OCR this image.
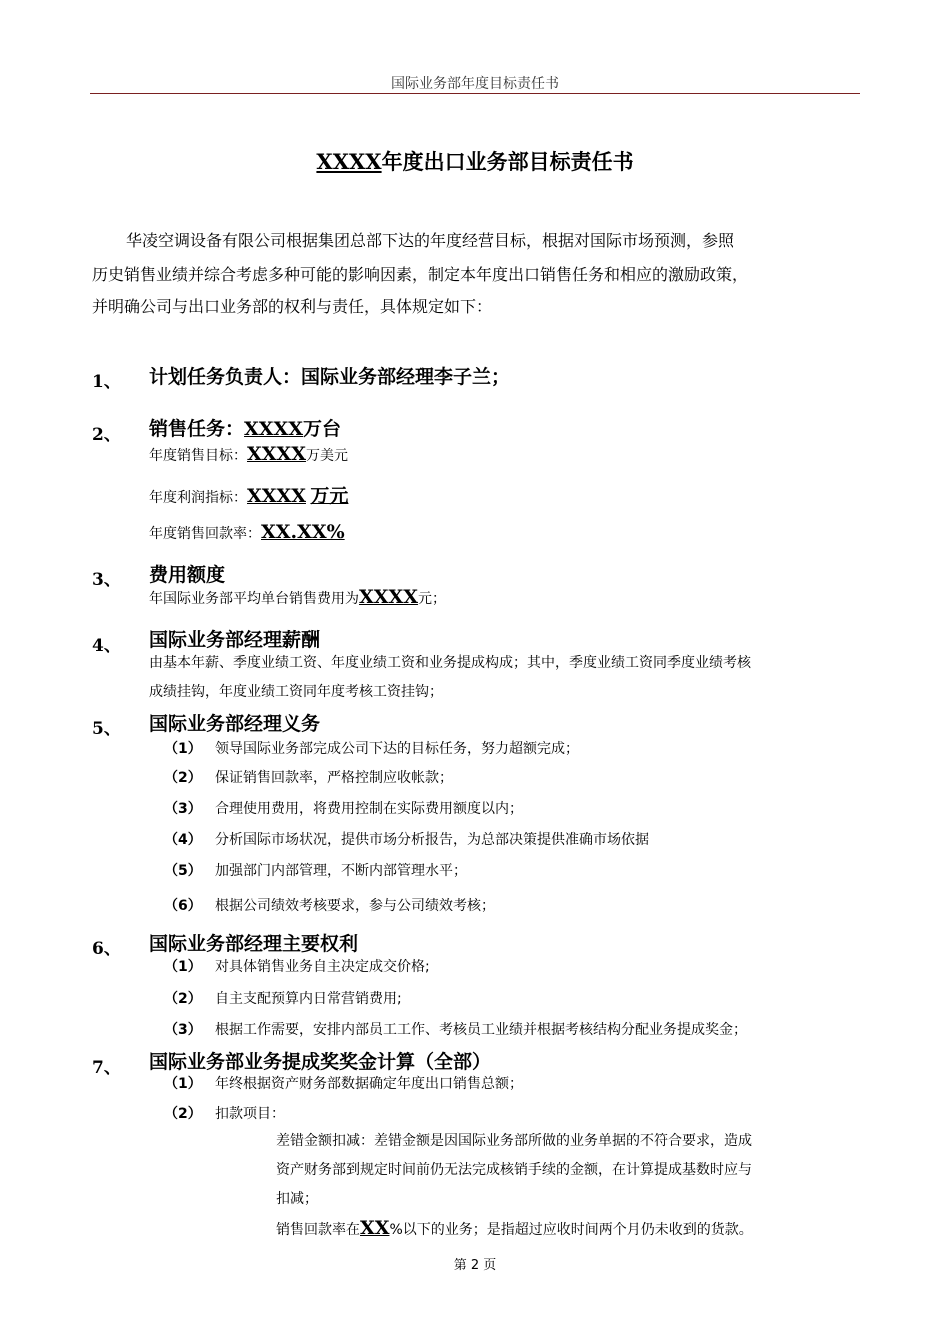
国际业务部年度目标责任书
XXXX年度出口业务部目标责任书
华凌空调设备有限公司根据集团总部下达的年度经营目标，根据对国际市场预测，参照
历史销售业绩并综合考虑多种可能的影响因素，制定本年度出口销售任务和相应的激励政策，
并明确公司与出口业务部的权利与责任，具体规定如下：
1、 计划任务负责人：国际业务部经理李子兰；
2、 销售任务：XXXX万台
年度销售目标：XXXX万美元
年度利润指标：XXXX 万元
年度销售回款率：XX.XX%
3、 费用额度
年国际业务部平均单台销售费用为XXXX元；
4、 国际业务部经理薪酬
由基本年薪、季度业绩工资、年度业绩工资和业务提成构成；其中，季度业绩工资同季度业绩考核
成绩挂钩，年度业绩工资同年度考核工资挂钩；
5、 国际业务部经理义务
（1） 领导国际业务部完成公司下达的目标任务，努力超额完成；
（2） 保证销售回款率，严格控制应收帐款；
（3） 合理使用费用，将费用控制在实际费用额度以内；
（4） 分析国际市场状况，提供市场分析报告，为总部决策提供准确市场依据
（5） 加强部门内部管理，不断内部管理水平；
（6） 根据公司绩效考核要求，参与公司绩效考核；
6、 国际业务部经理主要权利
（1） 对具体销售业务自主决定成交价格;
（2） 自主支配预算内日常营销费用;
（3） 根据工作需要，安排内部员工工作、考核员工业绩并根据考核结构分配业务提成奖金；
7、 国际业务部业务提成奖奖金计算（全部）
（1） 年终根据资产财务部数据确定年度出口销售总额；
（2） 扣款项目：
差错金额扣减：差错金额是因国际业务部所做的业务单据的不符合要求，造成
资产财务部到规定时间前仍无法完成核销手续的金额，在计算提成基数时应与
扣减；
销售回款率在XX%以下的业务；是指超过应收时间两个月仍未收到的货款。
第 2 页
